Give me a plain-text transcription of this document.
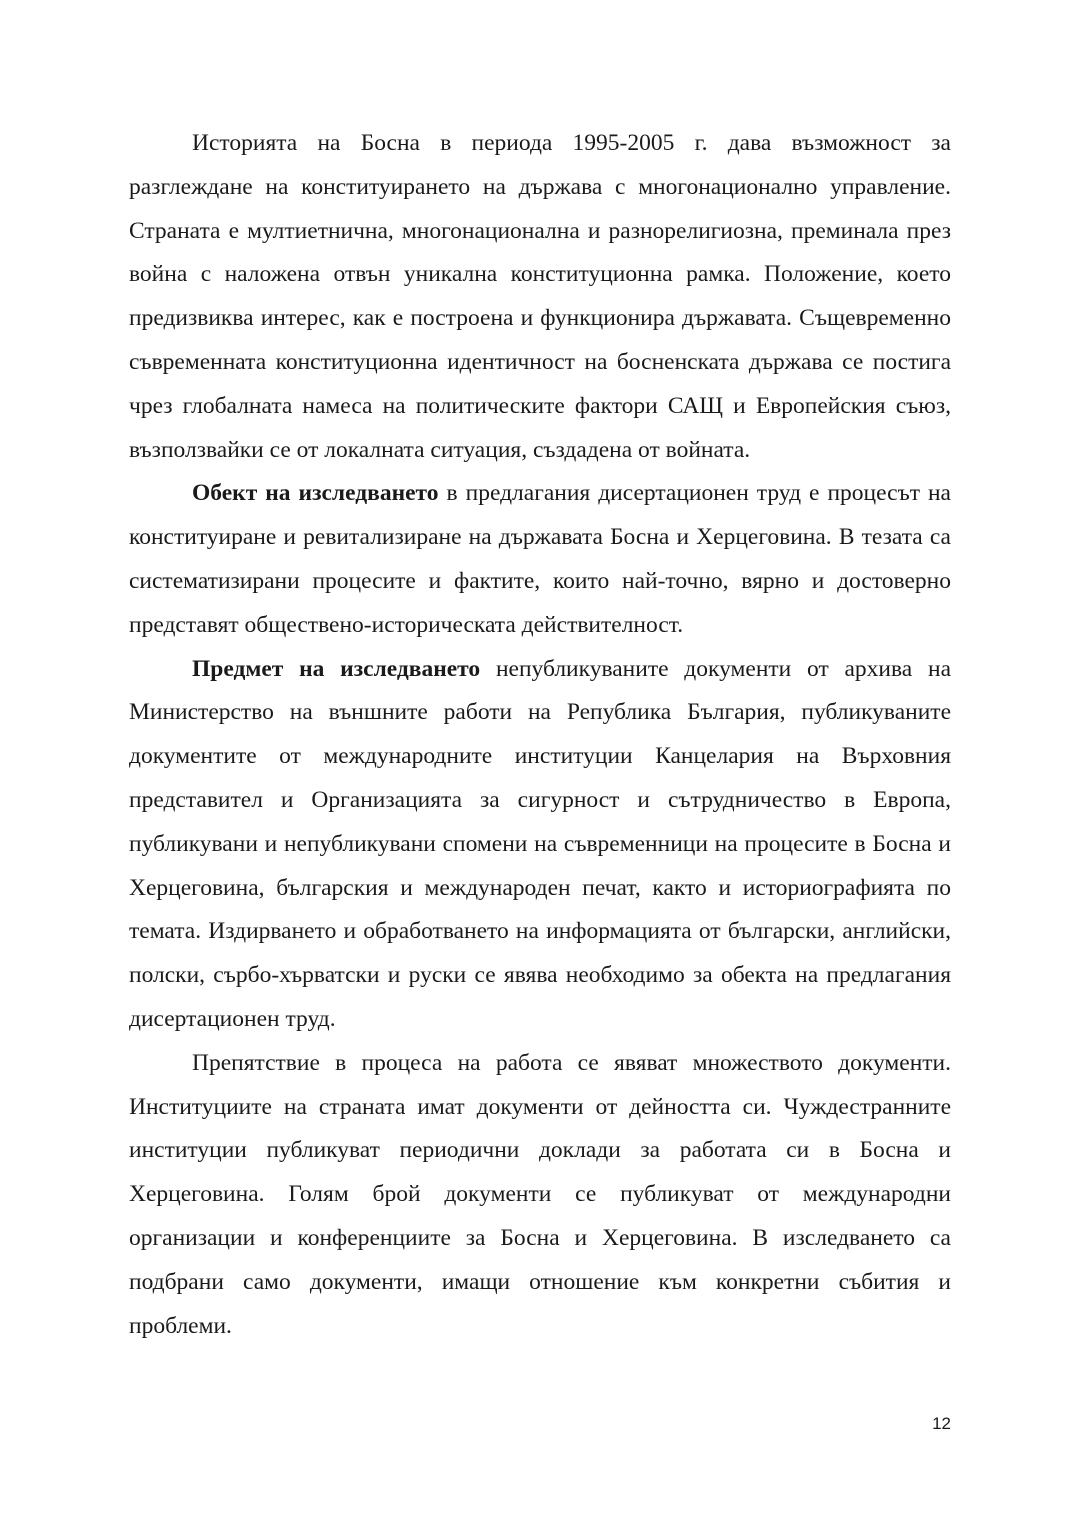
Историята на Босна в периода 1995-2005 г. дава възможност за разглеждане на конституирането на държава с многонационално управление. Страната е мултиетнична, многонационална и разнорелигиозна, преминала през война с наложена отвън уникална конституционна рамка. Положение, което предизвиква интерес, как е построена и функционира държавата. Същевременно съвременната конституционна идентичност на босненската държава се постига чрез глобалната намеса на политическите фактори САЩ и Европейския съюз, възползвайки се от локалната ситуация, създадена от войната.

Обект на изследването в предлагания дисертационен труд е процесът на конституиране и ревитализиране на държавата Босна и Херцеговина. В тезата са систематизирани процесите и фактите, които най-точно, вярно и достоверно представят обществено-историческата действителност.

Предмет на изследването непубликуваните документи от архива на Министерство на външните работи на Република България, публикуваните документите от международните институции Канцелария на Върховния представител и Организацията за сигурност и сътрудничество в Европа, публикувани и непубликувани спомени на съвременници на процесите в Босна и Херцеговина, българския и международен печат, както и историографията по темата. Издирването и обработването на информацията от български, английски, полски, сърбо-хърватски и руски се явява необходимо за обекта на предлагания дисертационен труд.

Препятствие в процеса на работа се явяват множеството документи. Институциите на страната имат документи от дейността си. Чуждестранните институции публикуват периодични доклади за работата си в Босна и Херцеговина. Голям брой документи се публикуват от международни организации и конференциите за Босна и Херцеговина. В изследването са подбрани само документи, имащи отношение към конкретни събития и проблеми.

12
